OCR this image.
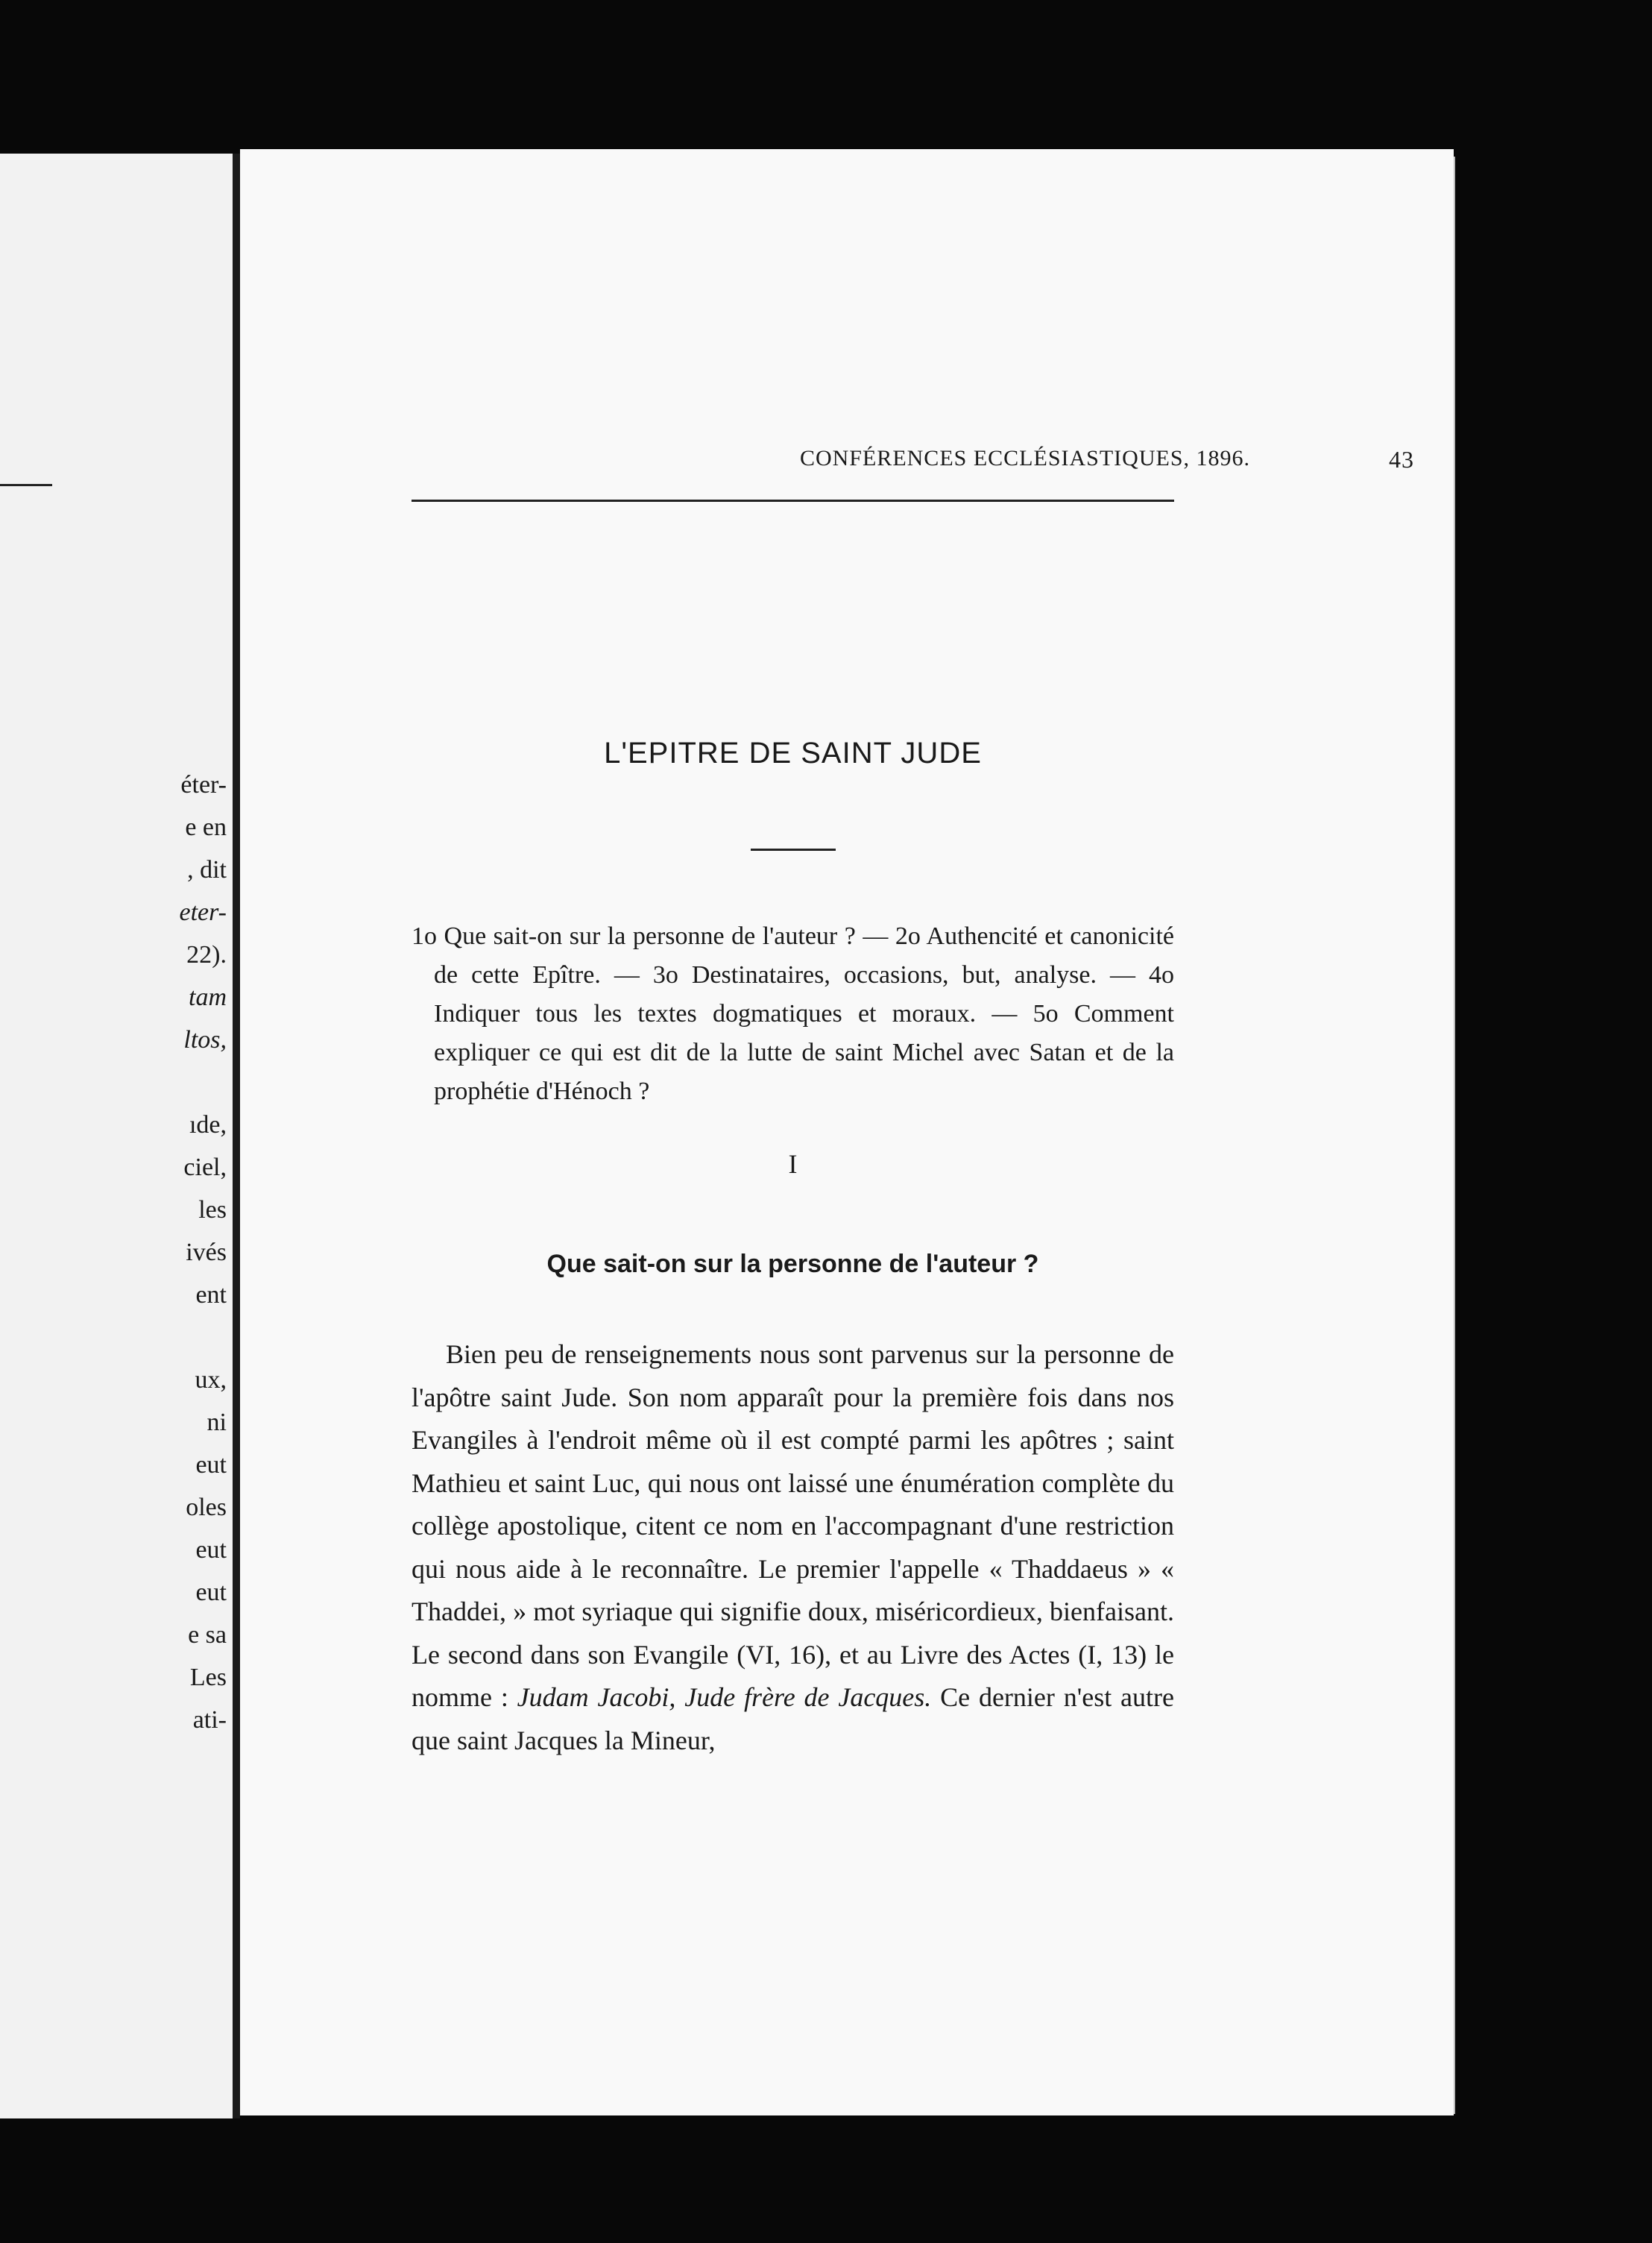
éter-
e en
, dit
eter-
22).
tam
ltos,
ıde,
ciel,
les
ivés
ent
ux,
ni
eut
oles
eut
eut
e sa
Les
ati-
CONFÉRENCES ECCLÉSIASTIQUES, 1896.	43
L'EPITRE DE SAINT JUDE

1o Que sait-on sur la personne de l'auteur ? — 2o Authencité et canonicité de cette Epître. — 3o Destinataires, occasions, but, analyse. — 4o Indiquer tous les textes dogmatiques et moraux. — 5o Comment expliquer ce qui est dit de la lutte de saint Michel avec Satan et de la prophétie d'Hénoch ?

I
Que sait-on sur la personne de l'auteur ?

Bien peu de renseignements nous sont parvenus sur la personne de l'apôtre saint Jude. Son nom apparaît pour la première fois dans nos Evangiles à l'endroit même où il est compté parmi les apôtres ; saint Mathieu et saint Luc, qui nous ont laissé une énumération complète du collège apostolique, citent ce nom en l'accompagnant d'une restriction qui nous aide à le reconnaître. Le premier l'appelle « Thaddaeus » « Thaddei, » mot syriaque qui signifie doux, miséricordieux, bienfaisant. Le second dans son Evangile (VI, 16), et au Livre des Actes (I, 13) le nomme : Judam Jacobi, Jude frère de Jacques. Ce dernier n'est autre que saint Jacques la Mineur,
